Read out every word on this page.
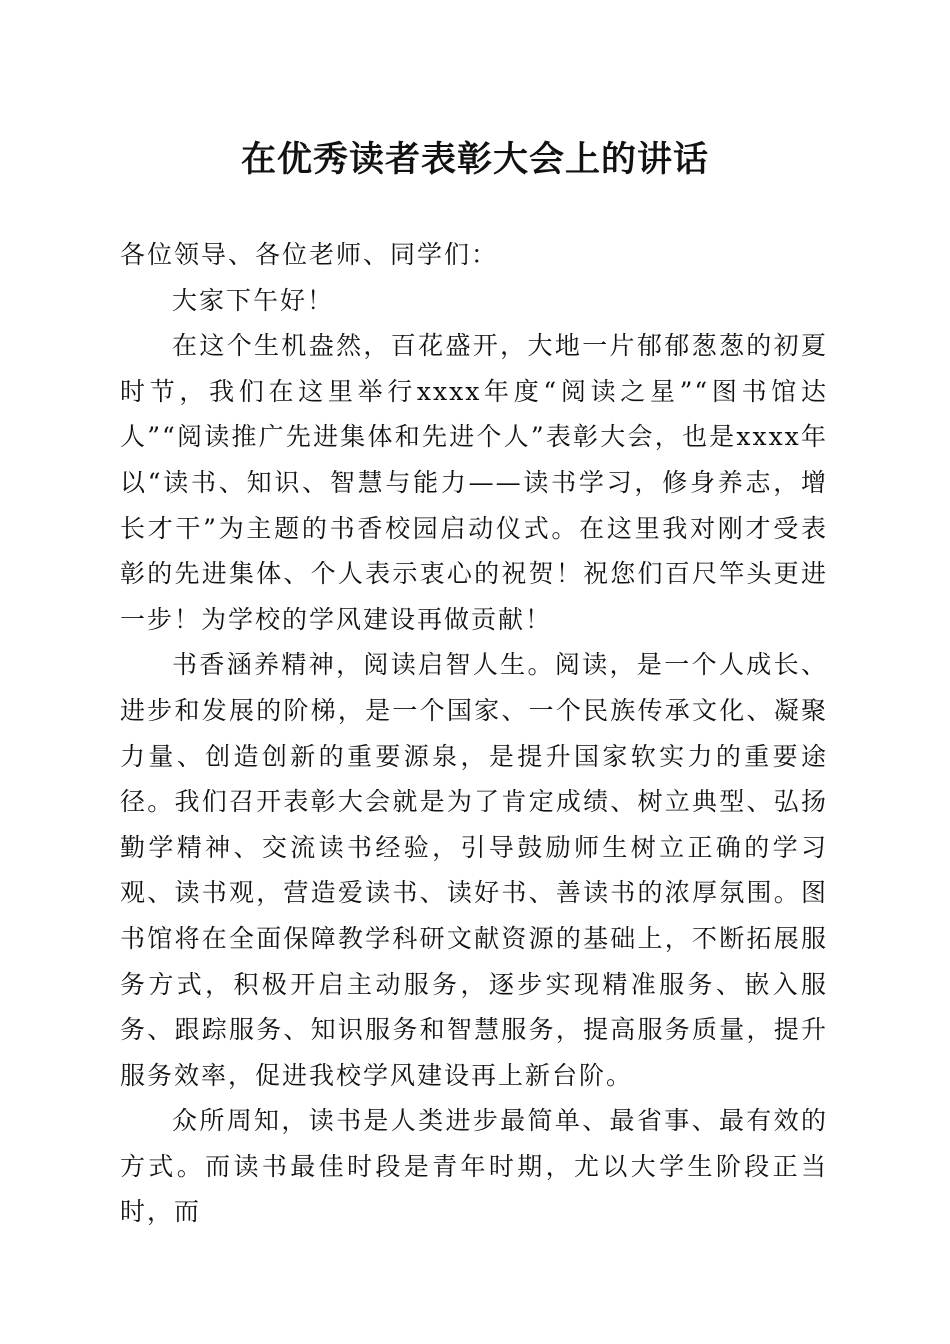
在优秀读者表彰大会上的讲话

各位领导、各位老师、同学们：

大家下午好！

在这个生机盎然，百花盛开，大地一片郁郁葱葱的初夏时节，我们在这里举行xxxx年度“阅读之星”“图书馆达人”“阅读推广先进集体和先进个人”表彰大会，也是xxxx年以“读书、知识、智慧与能力——读书学习，修身养志，增长才干”为主题的书香校园启动仪式。在这里我对刚才受表彰的先进集体、个人表示衷心的祝贺！祝您们百尺竿头更进一步！为学校的学风建设再做贡献！

书香涵养精神，阅读启智人生。阅读，是一个人成长、进步和发展的阶梯，是一个国家、一个民族传承文化、凝聚力量、创造创新的重要源泉，是提升国家软实力的重要途径。我们召开表彰大会就是为了肯定成绩、树立典型、弘扬勤学精神、交流读书经验，引导鼓励师生树立正确的学习观、读书观，营造爱读书、读好书、善读书的浓厚氛围。图书馆将在全面保障教学科研文献资源的基础上，不断拓展服务方式，积极开启主动服务，逐步实现精准服务、嵌入服务、跟踪服务、知识服务和智慧服务，提高服务质量，提升服务效率，促进我校学风建设再上新台阶。

众所周知，读书是人类进步最简单、最省事、最有效的方式。而读书最佳时段是青年时期，尤以大学生阶段正当时，而
